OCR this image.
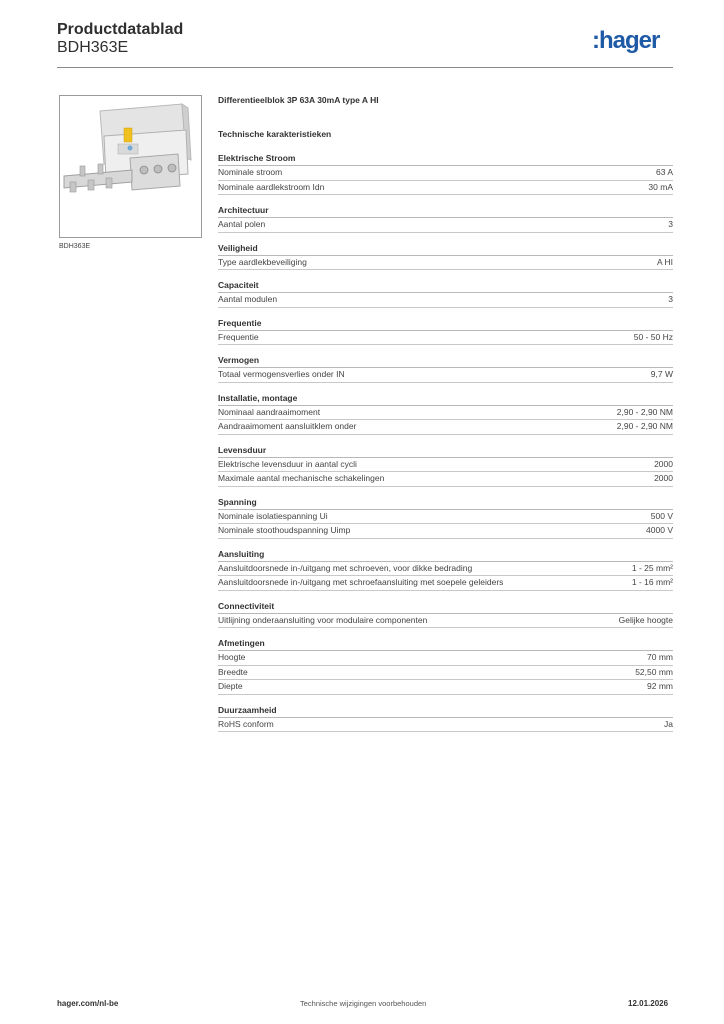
Productdatablad
BDH363E	:hager
BDH363E
Differentieelblok 3P 63A 30mA type A HI
Technische karakteristieken
Elektrische Stroom
Nominale stroom	63 A
Nominale aardlekstroom Idn	30 mA
Architectuur
Aantal polen	3
Veiligheid
Type aardlekbeveiliging	A HI
Capaciteit
Aantal modulen	3
Frequentie
Frequentie	50 - 50 Hz
Vermogen
Totaal vermogensverlies onder IN	9,7 W
Installatie, montage
Nominaal aandraaimoment	2,90 - 2,90 NM
Aandraaimoment aansluitklem onder	2,90 - 2,90 NM
Levensduur
Elektrische levensduur in aantal cycli	2000
Maximale aantal mechanische schakelingen	2000
Spanning
Nominale isolatiespanning Ui	500 V
Nominale stoothoudspanning Uimp	4000 V
Aansluiting
Aansluitdoorsnede in-/uitgang met schroeven, voor dikke bedrading	1 - 25 mm²
Aansluitdoorsnede in-/uitgang met schroefaansluiting met soepele geleiders	1 - 16 mm²
Connectiviteit
Uitlijning onderaansluiting voor modulaire componenten	Gelijke hoogte
Afmetingen
Hoogte	70 mm
Breedte	52,50 mm
Diepte	92 mm
Duurzaamheid
RoHS conform	Ja
hager.com/nl-be	Technische wijzigingen voorbehouden	12.01.2026
